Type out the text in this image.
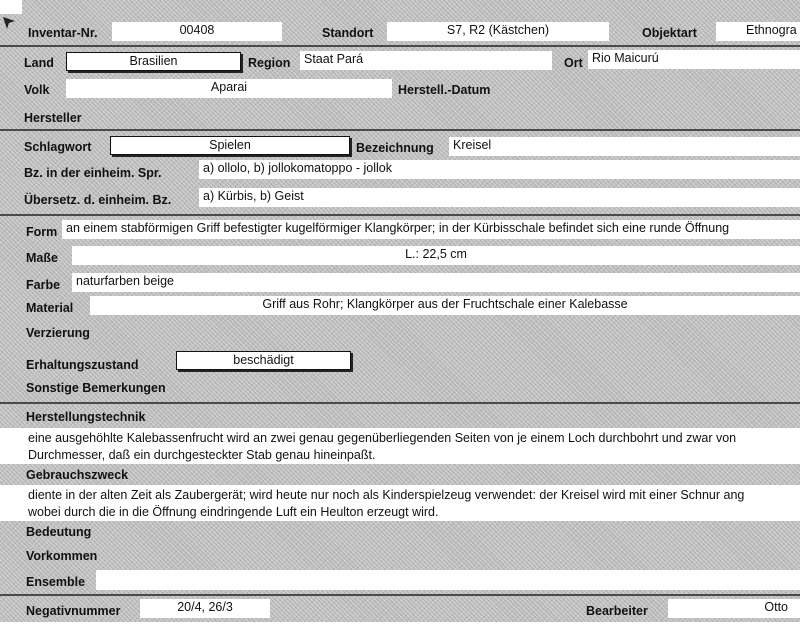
Inventar-Nr.	00408	Standort	S7, R2 (Kästchen)	Objektart	Ethnogra
Land	Brasilien	Region	Staat Pará	Ort Rio Maicurú
Volk	Aparai	Herstell.-Datum
Hersteller
Schlagwort	Spielen	Bezeichnung	Kreisel
Bz. in der einheim. Spr.	a) ollolo, b) jollokomatoppo - jollok
Übersetz. d. einheim. Bz.	a) Kürbis, b) Geist
Form an einem stabförmigen Griff befestigter kugelförmiger Klangkörper; in der Kürbisschale befindet sich eine runde Öffnung
Maße	L.: 22,5 cm
Farbe	naturfarben beige
Material	Griff aus Rohr; Klangkörper aus der Fruchtschale einer Kalebasse
Verzierung
Erhaltungszustand	beschädigt
Sonstige Bemerkungen
Herstellungstechnik
eine ausgehöhlte Kalebassenfrucht wird an zwei genau gegenüberliegenden Seiten von je einem Loch durchbohrt und zwar von
Durchmesser, daß ein durchgesteckter Stab genau hineinpaßt.
Gebrauchszweck
diente in der alten Zeit als Zaubergerät; wird heute nur noch als Kinderspielzeug verwendet: der Kreisel wird mit einer Schnur ang
wobei durch die in die Öffnung eindringende Luft ein Heulton erzeugt wird.
Bedeutung
Vorkommen
Ensemble
Negativnummer	20/4, 26/3	Bearbeiter	Otto
